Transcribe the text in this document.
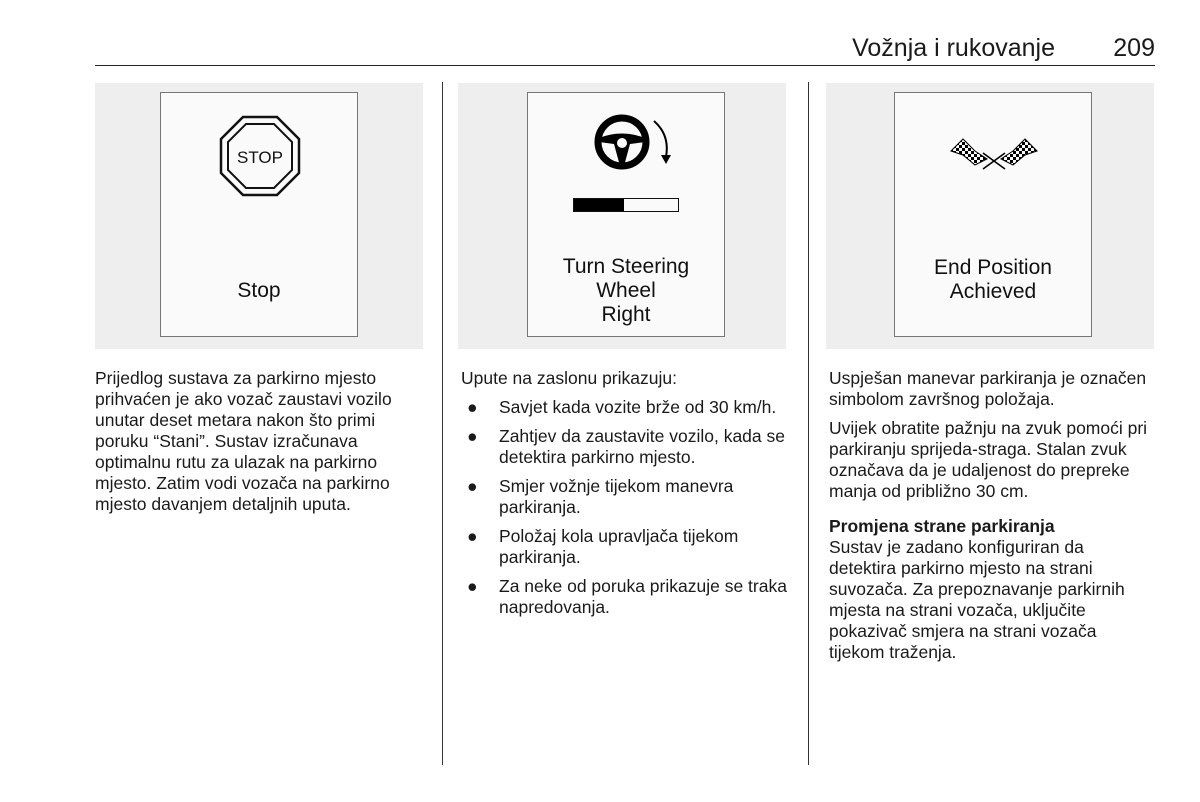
Vožnja i rukovanje	209
STOP
Stop
Turn Steering
Wheel
Right
End Position
Achieved

Prijedlog sustava za parkirno mjesto prihvaćen je ako vozač zaustavi vozilo unutar deset metara nakon što primi poruku “Stani”. Sustav izračunava optimalnu rutu za ulazak na parkirno mjesto. Zatim vodi vozača na parkirno mjesto davanjem detaljnih uputa.

Upute na zaslonu prikazuju:

● Savjet kada vozite brže od 30 km/h.
● Zahtjev da zaustavite vozilo, kada se detektira parkirno mjesto.
● Smjer vožnje tijekom manevra parkiranja.
● Položaj kola upravljača tijekom parkiranja.
● Za neke od poruka prikazuje se traka napredovanja.

Uspješan manevar parkiranja je označen simbolom završnog položaja.

Uvijek obratite pažnju na zvuk pomoći pri parkiranju sprijeda-straga. Stalan zvuk označava da je udaljenost do prepreke manja od približno 30 cm.

Promjena strane parkiranja

Sustav je zadano konfiguriran da detektira parkirno mjesto na strani suvozača. Za prepoznavanje parkirnih mjesta na strani vozača, uključite pokazivač smjera na strani vozača tijekom traženja.
